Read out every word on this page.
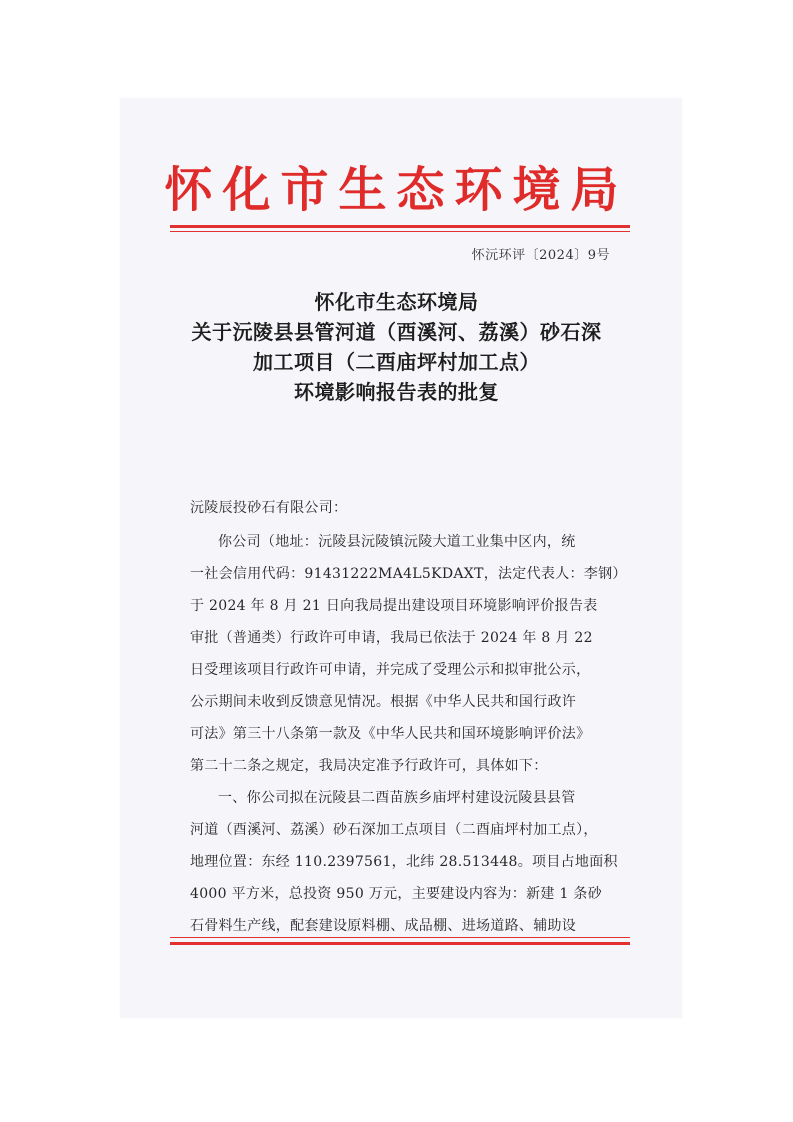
怀化市生态环境局
怀沅环评〔2024〕9号
怀化市生态环境局
关于沅陵县县管河道（酉溪河、荔溪）砂石深
加工项目（二酉庙坪村加工点）
环境影响报告表的批复
沅陵辰投砂石有限公司：
你公司（地址：沅陵县沅陵镇沅陵大道工业集中区内，统
一社会信用代码：91431222MA4L5KDAXT，法定代表人：李钢）
于 2024 年 8 月 21 日向我局提出建设项目环境影响评价报告表
审批（普通类）行政许可申请，我局已依法于 2024 年 8 月 22
日受理该项目行政许可申请，并完成了受理公示和拟审批公示，
公示期间未收到反馈意见情况。根据《中华人民共和国行政许
可法》第三十八条第一款及《中华人民共和国环境影响评价法》
第二十二条之规定，我局决定准予行政许可，具体如下：
一、你公司拟在沅陵县二酉苗族乡庙坪村建设沅陵县县管
河道（酉溪河、荔溪）砂石深加工点项目（二酉庙坪村加工点），
地理位置：东经 110.2397561，北纬 28.513448。项目占地面积
4000 平方米，总投资 950 万元，主要建设内容为：新建 1 条砂
石骨料生产线，配套建设原料棚、成品棚、进场道路、辅助设
